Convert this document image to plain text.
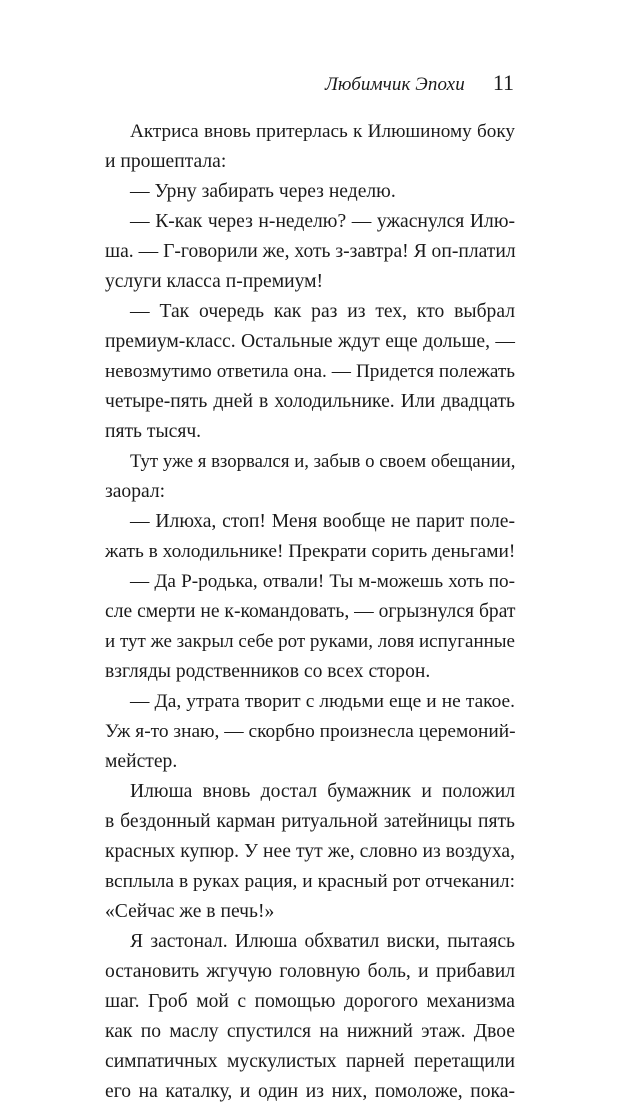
Любимчик Эпохи 11
Актриса вновь притерлась к Илюшиному боку
и прошептала:
— Урну забирать через неделю.
— К-как через н-неделю? — ужаснулся Илю-
ша. — Г-говорили же, хоть з-завтра! Я оп-платил
услуги класса п-премиум!
— Так очередь как раз из тех, кто выбрал
премиум-класс. Остальные ждут еще дольше, —
невозмутимо ответила она. — Придется полежать
четыре-пять дней в холодильнике. Или двадцать
пять тысяч.
Тут уже я взорвался и, забыв о своем обещании,
заорал:
— Илюха, стоп! Меня вообще не парит поле-
жать в холодильнике! Прекрати сорить деньгами!
— Да Р-родька, отвали! Ты м-можешь хоть по-
сле смерти не к-командовать, — огрызнулся брат
и тут же закрыл себе рот руками, ловя испуганные
взгляды родственников со всех сторон.
— Да, утрата творит с людьми еще и не такое.
Уж я-то знаю, — скорбно произнесла церемоний-
мейстер.
Илюша вновь достал бумажник и положил
в бездонный карман ритуальной затейницы пять
красных купюр. У нее тут же, словно из воздуха,
всплыла в руках рация, и красный рот отчеканил:
«Сейчас же в печь!»
Я застонал. Илюша обхватил виски, пытаясь
остановить жгучую головную боль, и прибавил
шаг. Гроб мой с помощью дорогого механизма
как по маслу спустился на нижний этаж. Двое
симпатичных мускулистых парней перетащили
его на каталку, и один из них, помоложе, пока-
